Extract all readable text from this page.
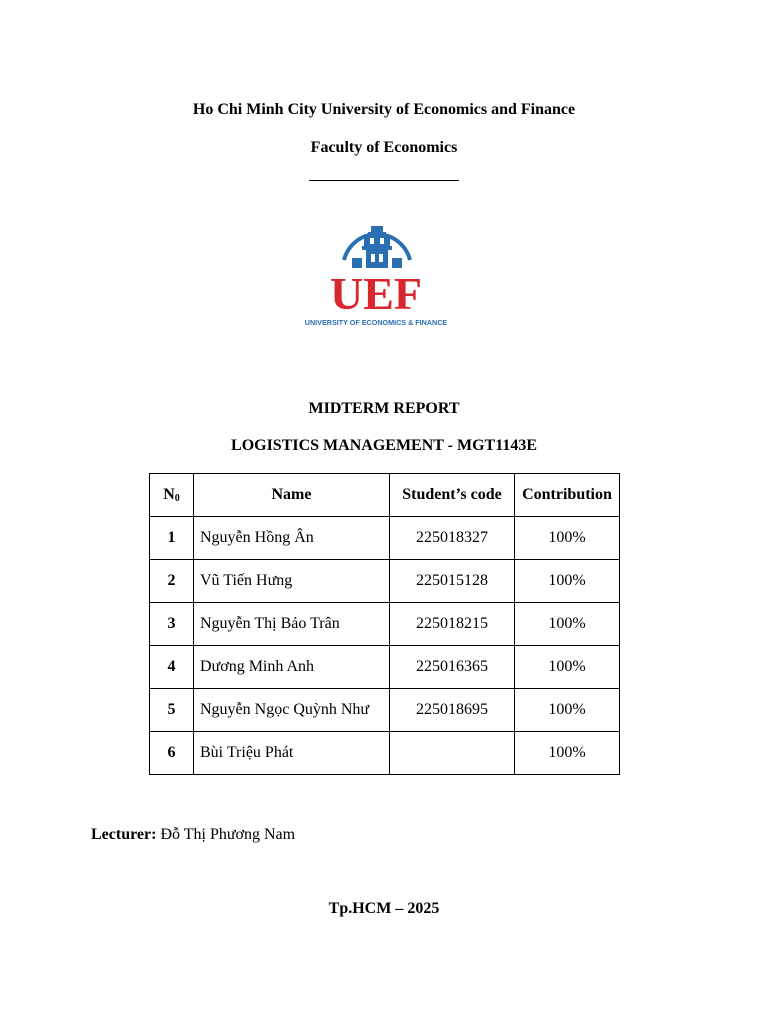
Ho Chi Minh City University of Economics and Finance
Faculty of Economics
UEF
UNIVERSITY OF ECONOMICS & FINANCE
MIDTERM REPORT
LOGISTICS MANAGEMENT - MGT1143E
$N_0$	Name	Student’s code	Contribution
1	Nguyễn Hồng Ân	225018327	100%
2	Vũ Tiến Hưng	225015128	100%
3	Nguyễn Thị Bảo Trân	225018215	100%
4	Dương Minh Anh	225016365	100%
5	Nguyễn Ngọc Quỳnh Như	225018695	100%
6	Bùi Triệu Phát		100%
Lecturer: Đỗ Thị Phương Nam
Tp.HCM – 2025
